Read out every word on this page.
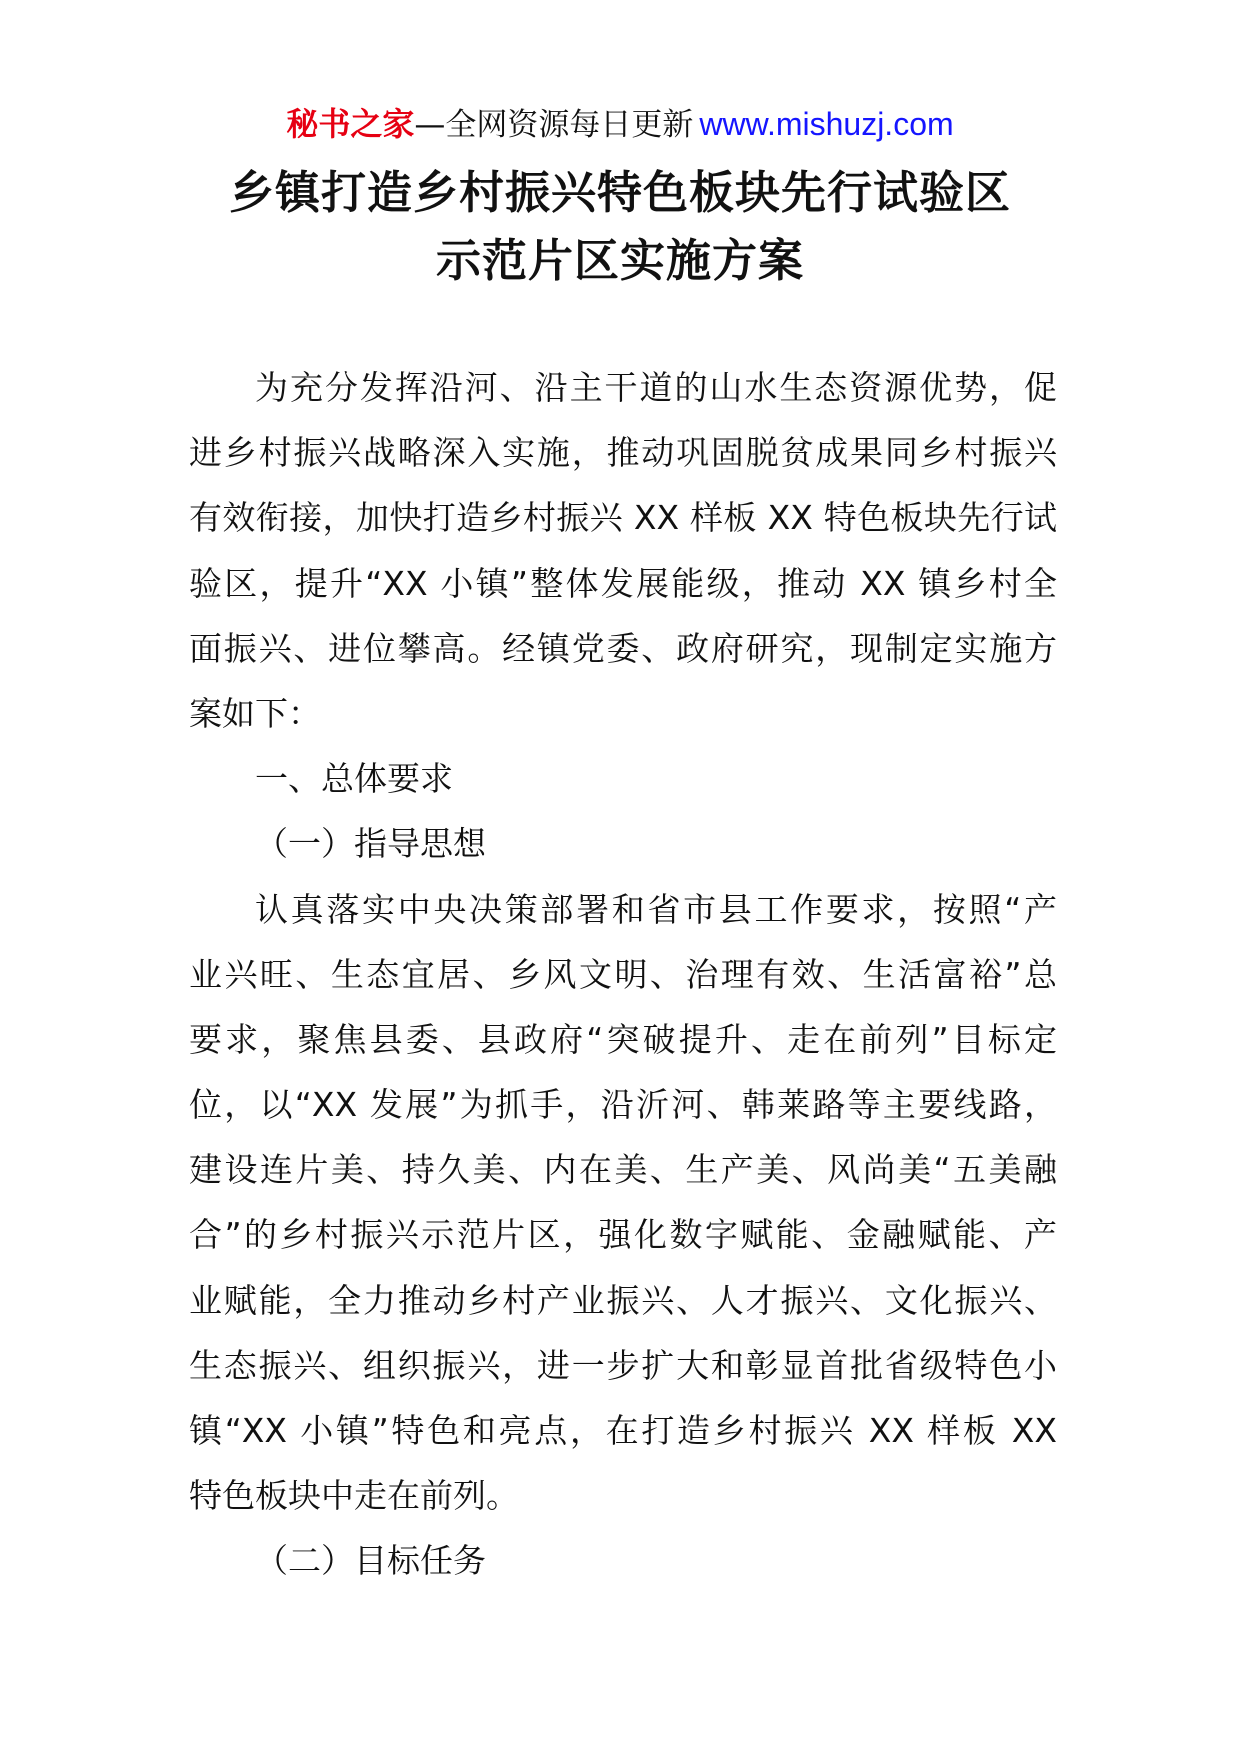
秘书之家—全网资源每日更新 www.mishuzj.com
乡镇打造乡村振兴特色板块先行试验区
示范片区实施方案
为充分发挥沿河、沿主干道的山水生态资源优势，促
进乡村振兴战略深入实施，推动巩固脱贫成果同乡村振兴
有效衔接，加快打造乡村振兴 XX 样板 XX 特色板块先行试
验区，提升“XX 小镇”整体发展能级，推动 XX 镇乡村全
面振兴、进位攀高。经镇党委、政府研究，现制定实施方
案如下：
一、总体要求
（一）指导思想
认真落实中央决策部署和省市县工作要求，按照“产
业兴旺、生态宜居、乡风文明、治理有效、生活富裕”总
要求，聚焦县委、县政府“突破提升、走在前列”目标定
位，以“XX 发展”为抓手，沿沂河、韩莱路等主要线路，
建设连片美、持久美、内在美、生产美、风尚美“五美融
合”的乡村振兴示范片区，强化数字赋能、金融赋能、产
业赋能，全力推动乡村产业振兴、人才振兴、文化振兴、
生态振兴、组织振兴，进一步扩大和彰显首批省级特色小
镇“XX 小镇”特色和亮点，在打造乡村振兴 XX 样板 XX
特色板块中走在前列。
（二）目标任务
